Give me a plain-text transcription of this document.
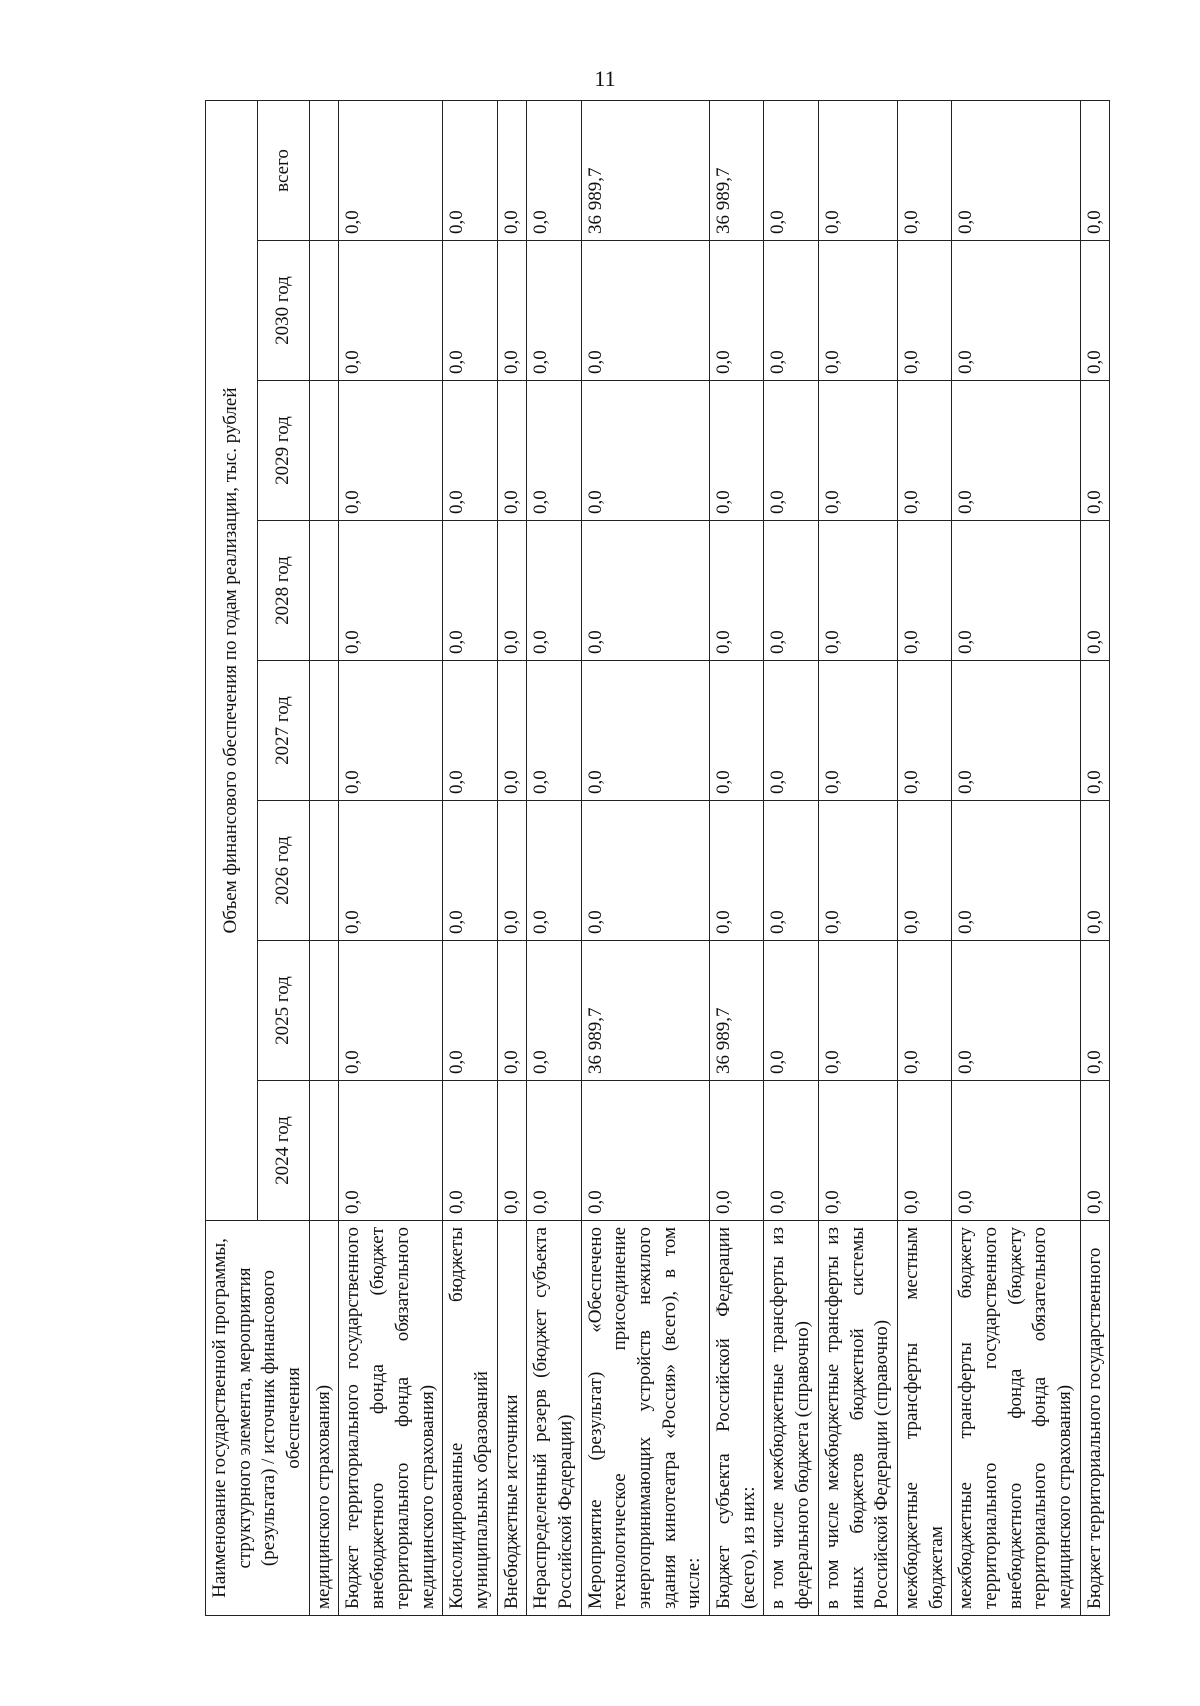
11
Наименование государственной программы, структурного элемента, мероприятия (результата) / источник финансового обеспечения	Объем финансового обеспечения по годам реализации, тыс. рублей							
	2024 год	2025 год	2026 год	2027 год	2028 год	2029 год	2030 год	всего
медицинского страхования)								
Бюджет территориального государственного внебюджетного фонда (бюджет территориального фонда обязательного медицинского страхования)	0,0	0,0	0,0	0,0	0,0	0,0	0,0	0,0
Консолидированные бюджеты муниципальных образований	0,0	0,0	0,0	0,0	0,0	0,0	0,0	0,0
Внебюджетные источники	0,0	0,0	0,0	0,0	0,0	0,0	0,0	0,0
Нераспределенный резерв (бюджет субъекта Российской Федерации)	0,0	0,0	0,0	0,0	0,0	0,0	0,0	0,0
Мероприятие (результат) «Обеспечено технологическое присоединение энергопринимающих устройств нежилого здания кинотеатра «Россия» (всего), в том числе:	0,0	36 989,7	0,0	0,0	0,0	0,0	0,0	36 989,7
Бюджет субъекта Российской Федерации (всего), из них:	0,0	36 989,7	0,0	0,0	0,0	0,0	0,0	36 989,7
в том числе межбюджетные трансферты из федерального бюджета (справочно)	0,0	0,0	0,0	0,0	0,0	0,0	0,0	0,0
в том числе межбюджетные трансферты из иных бюджетов бюджетной системы Российской Федерации (справочно)	0,0	0,0	0,0	0,0	0,0	0,0	0,0	0,0
межбюджетные трансферты местным бюджетам	0,0	0,0	0,0	0,0	0,0	0,0	0,0	0,0
межбюджетные трансферты бюджету территориального государственного внебюджетного фонда (бюджету территориального фонда обязательного медицинского страхования)	0,0	0,0	0,0	0,0	0,0	0,0	0,0	0,0
Бюджет территориального государственного	0,0	0,0	0,0	0,0	0,0	0,0	0,0	0,0
